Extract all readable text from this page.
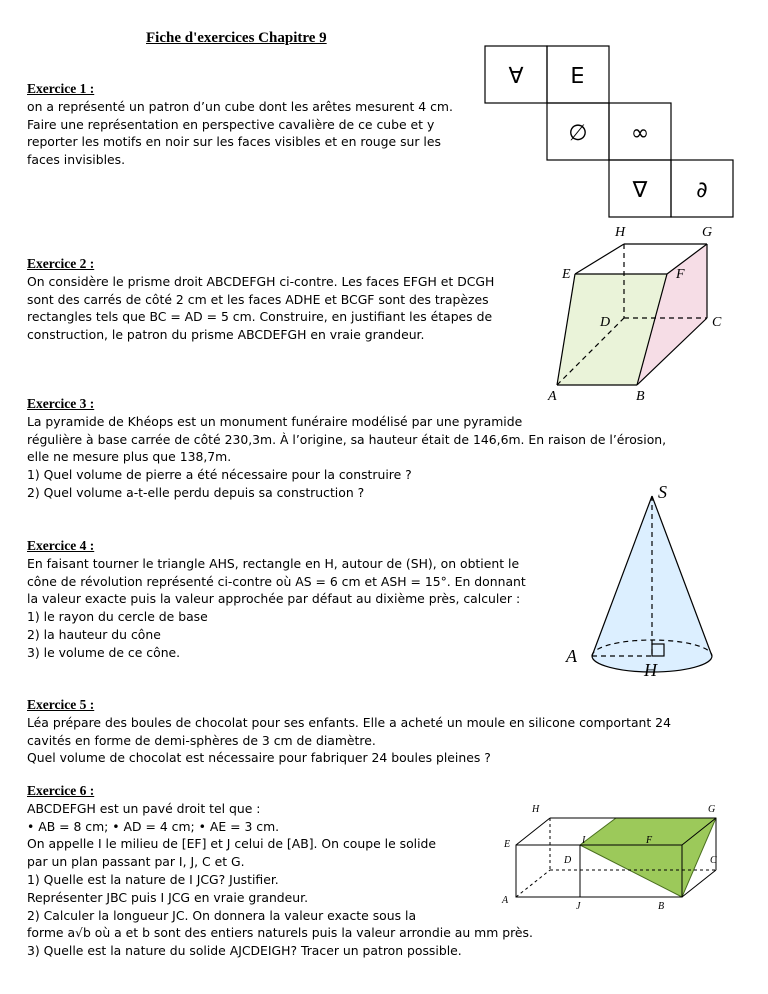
Fiche d'exercices Chapitre 9
Exercice 1 :
on a représenté un patron d’un cube dont les arêtes mesurent 4 cm.
Faire une représentation en perspective cavalière de ce cube et y
reporter les motifs en noir sur les faces visibles et en rouge sur les
faces invisibles.
Exercice 2 :
On considère le prisme droit ABCDEFGH ci-contre. Les faces EFGH et DCGH
sont des carrés de côté 2 cm et les faces ADHE et BCGF sont des trapèzes
rectangles tels que BC = AD = 5 cm. Construire, en justifiant les étapes de
construction, le patron du prisme ABCDEFGH en vraie grandeur.
Exercice 3 :
La pyramide de Khéops est un monument funéraire modélisé par une pyramide
régulière à base carrée de côté 230,3m. À l’origine, sa hauteur était de 146,6m. En raison de l’érosion,
elle ne mesure plus que 138,7m.
1) Quel volume de pierre a été nécessaire pour la construire ?
2) Quel volume a-t-elle perdu depuis sa construction ?
Exercice 4 :
En faisant tourner le triangle AHS, rectangle en H, autour de (SH), on obtient le
cône de révolution représenté ci-contre où AS = 6 cm et ASH = 15°. En donnant
la valeur exacte puis la valeur approchée par défaut au dixième près, calculer :
1) le rayon du cercle de base
2) la hauteur du cône
3) le volume de ce cône.
Exercice 5 :
Léa prépare des boules de chocolat pour ses enfants. Elle a acheté un moule en silicone comportant 24
cavités en forme de demi-sphères de 3 cm de diamètre.
Quel volume de chocolat est nécessaire pour fabriquer 24 boules pleines ?
Exercice 6 :
ABCDEFGH est un pavé droit tel que :
• AB = 8 cm; • AD = 4 cm; • AE = 3 cm.
On appelle I le milieu de [EF] et J celui de [AB]. On coupe le solide
par un plan passant par I, J, C et G.
1) Quelle est la nature de I JCG? Justifier.
Représenter JBC puis I JCG en vraie grandeur.
2) Calculer la longueur JC. On donnera la valeur exacte sous la
forme a√b où a et b sont des entiers naturels puis la valeur arrondie au mm près.
3) Quelle est la nature du solide AJCDEIGH? Tracer un patron possible.
∀ ∃
∅ ∞
∇ ∂
H	G
E	F
D	C
A	B
S
A
H
H	G
E	I	F
D	C
A
J	B
